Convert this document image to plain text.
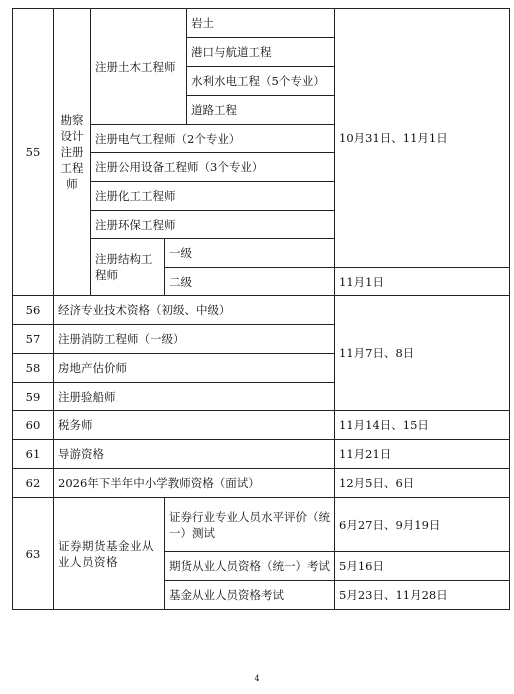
55	勘察设计注册工程师	注册土木工程师		岩土	10月31日、11月1日
				港口与航道工程	
				水利水电工程（5个专业）	
				道路工程	
		注册电气工程师（2个专业）			
		注册公用设备工程师（3个专业）			
		注册化工工程师			
		注册环保工程师			
		注册结构工程师	一级		
			二级		11月1日
56	经济专业技术资格（初级、中级）				11月7日、8日
57	注册消防工程师（一级）				
58	房地产估价师				
59	注册验船师				
60	税务师				11月14日、15日
61	导游资格				11月21日
62	2026年下半年中小学教师资格（面试）				12月5日、6日
63	证券期货基金业从业人员资格		证券行业专业人员水平评价（统一）测试		6月27日、9月19日
			期货从业人员资格（统一）考试		5月16日
			基金从业人员资格考试		5月23日、11月28日
4
